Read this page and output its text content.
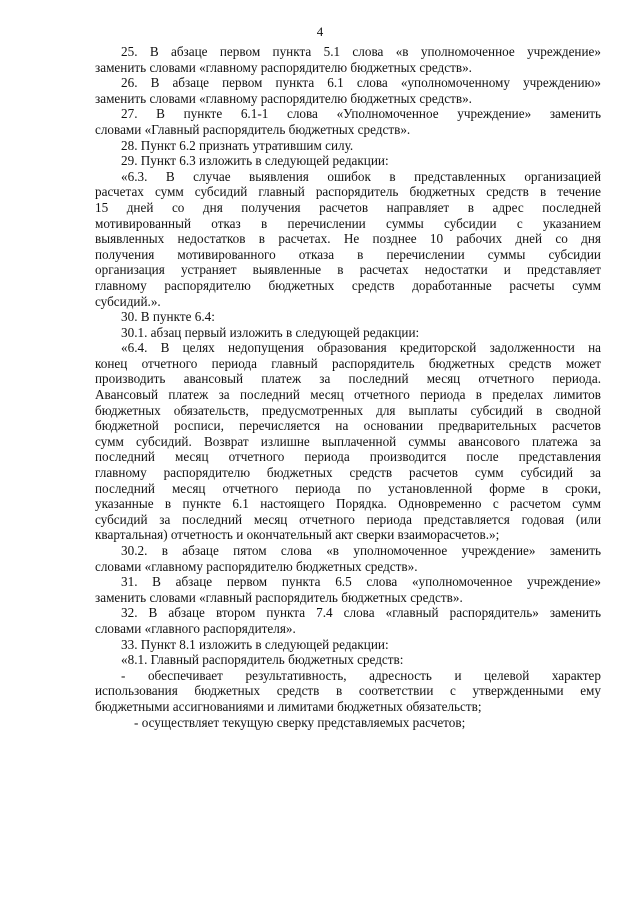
4
25. В абзаце первом пункта 5.1 слова «в уполномоченное учреждение»
заменить словами «главному распорядителю бюджетных средств».
26. В абзаце первом пункта 6.1 слова «уполномоченному учреждению»
заменить словами «главному распорядителю бюджетных средств».
27. В пункте 6.1-1 слова «Уполномоченное учреждение» заменить
словами «Главный распорядитель бюджетных средств».
28. Пункт 6.2 признать утратившим силу.
29. Пункт 6.3 изложить в следующей редакции:
«6.3. В случае выявления ошибок в представленных организацией
расчетах сумм субсидий главный распорядитель бюджетных средств в течение
15 дней со дня получения расчетов направляет в адрес последней
мотивированный отказ в перечислении суммы субсидии с указанием
выявленных недостатков в расчетах. Не позднее 10 рабочих дней со дня
получения мотивированного отказа в перечислении суммы субсидии
организация устраняет выявленные в расчетах недостатки и представляет
главному распорядителю бюджетных средств доработанные расчеты сумм
субсидий.».
30. В пункте 6.4:
30.1. абзац первый изложить в следующей редакции:
«6.4. В целях недопущения образования кредиторской задолженности на
конец отчетного периода главный распорядитель бюджетных средств может
производить авансовый платеж за последний месяц отчетного периода.
Авансовый платеж за последний месяц отчетного периода в пределах лимитов
бюджетных обязательств, предусмотренных для выплаты субсидий в сводной
бюджетной росписи, перечисляется на основании предварительных расчетов
сумм субсидий. Возврат излишне выплаченной суммы авансового платежа за
последний месяц отчетного периода производится после представления
главному распорядителю бюджетных средств расчетов сумм субсидий за
последний месяц отчетного периода по установленной форме в сроки,
указанные в пункте 6.1 настоящего Порядка. Одновременно с расчетом сумм
субсидий за последний месяц отчетного периода представляется годовая (или
квартальная) отчетность и окончательный акт сверки взаиморасчетов.»;
30.2. в абзаце пятом слова «в уполномоченное учреждение» заменить
словами «главному распорядителю бюджетных средств».
31. В абзаце первом пункта 6.5 слова «уполномоченное учреждение»
заменить словами «главный распорядитель бюджетных средств».
32. В абзаце втором пункта 7.4 слова «главный распорядитель» заменить
словами «главного распорядителя».
33. Пункт 8.1 изложить в следующей редакции:
«8.1. Главный распорядитель бюджетных средств:
- обеспечивает результативность, адресность и целевой характер
использования бюджетных средств в соответствии с утвержденными ему
бюджетными ассигнованиями и лимитами бюджетных обязательств;
- осуществляет текущую сверку представляемых расчетов;
